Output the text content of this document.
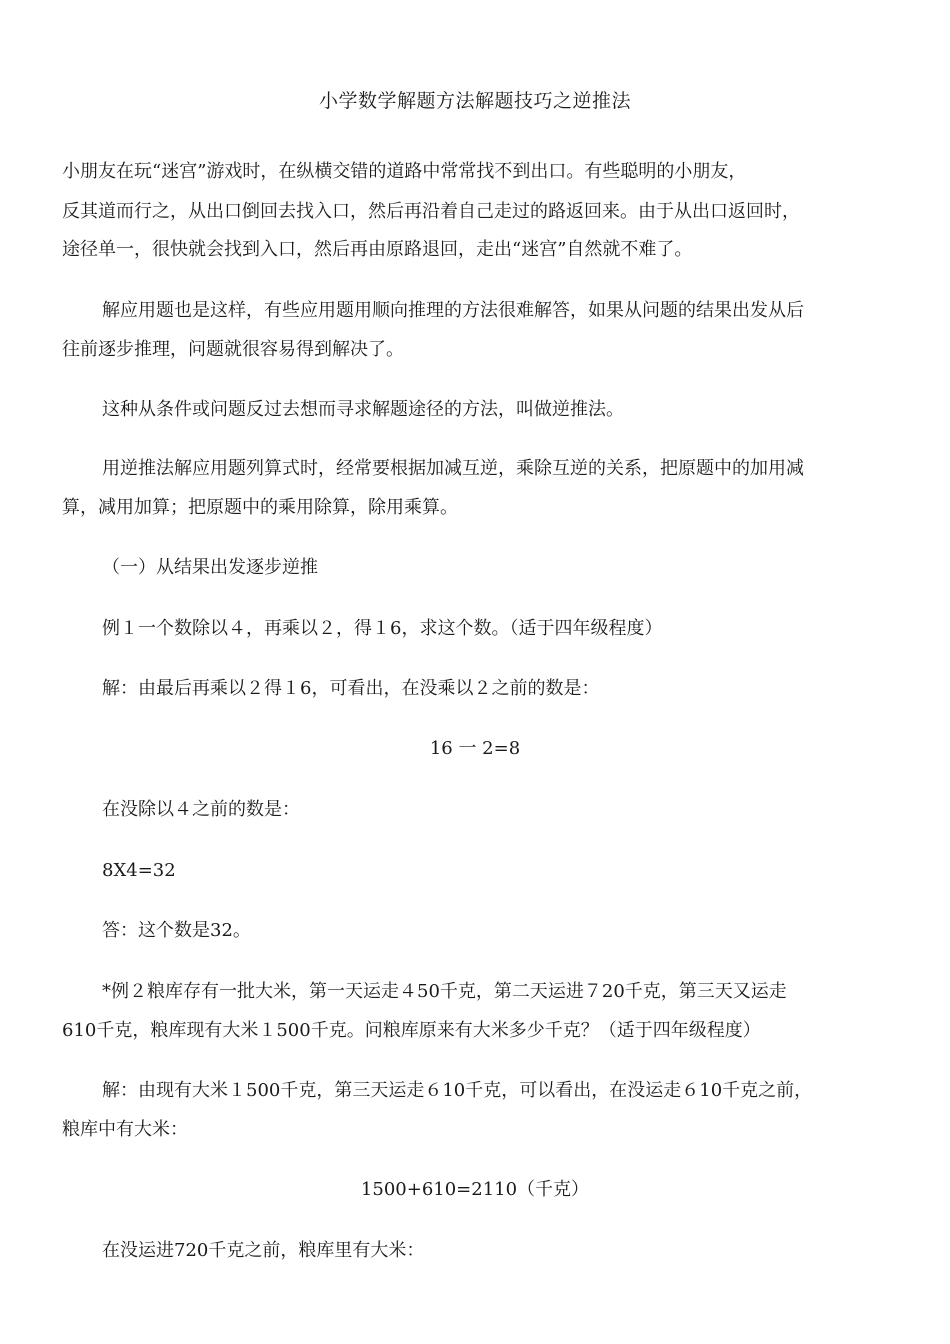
小学数学解题方法解题技巧之逆推法
小朋友在玩“迷宫”游戏时，在纵横交错的道路中常常找不到出口。有些聪明的小朋友，
反其道而行之，从出口倒回去找入口，然后再沿着自己走过的路返回来。由于从出口返回时，
途径单一，很快就会找到入口，然后再由原路退回，走出“迷宫”自然就不难了。
解应用题也是这样，有些应用题用顺向推理的方法很难解答，如果从问题的结果出发从后
往前逐步推理，问题就很容易得到解决了。
这种从条件或问题反过去想而寻求解题途径的方法，叫做逆推法。
用逆推法解应用题列算式时，经常要根据加减互逆，乘除互逆的关系，把原题中的加用减
算，减用加算；把原题中的乘用除算，除用乘算。
（一）从结果出发逐步逆推
例１一个数除以４，再乘以２，得１6，求这个数。（适于四年级程度）
解：由最后再乘以２得１6，可看出，在没乘以２之前的数是：
16 一 2=8
在没除以４之前的数是：
8X4=32
答：这个数是32。
*例２粮库存有一批大米，第一天运走４50千克，第二天运进７20千克，第三天又运走
610千克，粮库现有大米１500千克。问粮库原来有大米多少千克？（适于四年级程度）
解：由现有大米１500千克，第三天运走６10千克，可以看出，在没运走６10千克之前，
粮库中有大米：
1500+610=2110（千克）
在没运进720千克之前，粮库里有大米：
